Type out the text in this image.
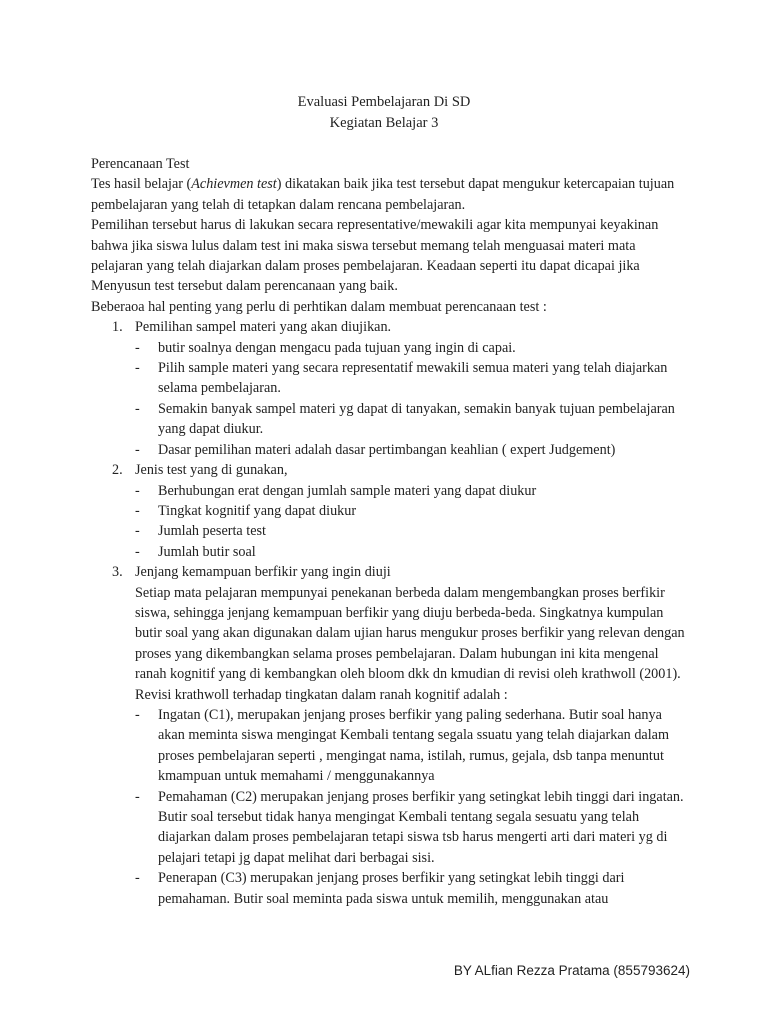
Evaluasi Pembelajaran Di SD
Kegiatan Belajar 3

Perencanaan Test

Tes hasil belajar (Achievmen test) dikatakan baik jika test tersebut dapat mengukur ketercapaian tujuan pembelajaran yang telah di tetapkan dalam rencana pembelajaran.

Pemilihan tersebut harus di lakukan secara representative/mewakili agar kita mempunyai keyakinan bahwa jika siswa lulus dalam test ini maka siswa tersebut memang telah menguasai materi mata pelajaran yang telah diajarkan dalam proses pembelajaran. Keadaan seperti itu dapat dicapai jika Menyusun test tersebut dalam perencanaan yang baik.

Beberaoa hal penting yang perlu di perhtikan dalam membuat perencanaan test :

1. Pemilihan sampel materi yang akan diujikan.
- butir soalnya dengan mengacu pada tujuan yang ingin di capai.
- Pilih sample materi yang secara representatif mewakili semua materi yang telah diajarkan selama pembelajaran.
- Semakin banyak sampel materi yg dapat di tanyakan, semakin banyak tujuan pembelajaran yang dapat diukur.
- Dasar pemilihan materi adalah dasar pertimbangan keahlian ( expert Judgement)
2. Jenis test yang di gunakan,
- Berhubungan erat dengan jumlah sample materi yang dapat diukur
- Tingkat kognitif yang dapat diukur
- Jumlah peserta test
- Jumlah butir soal
3. Jenjang kemampuan berfikir yang ingin diuji
Setiap mata pelajaran mempunyai penekanan berbeda dalam mengembangkan proses berfikir siswa, sehingga jenjang kemampuan berfikir yang diuju berbeda-beda. Singkatnya kumpulan butir soal yang akan digunakan dalam ujian harus mengukur proses berfikir yang relevan dengan proses yang dikembangkan selama proses pembelajaran. Dalam hubungan ini kita mengenal ranah kognitif yang di kembangkan oleh bloom dkk dn kmudian di revisi oleh krathwoll (2001). Revisi krathwoll terhadap tingkatan dalam ranah kognitif adalah :
- Ingatan (C1), merupakan jenjang proses berfikir yang paling sederhana. Butir soal hanya akan meminta siswa mengingat Kembali tentang segala ssuatu yang telah diajarkan dalam proses pembelajaran seperti , mengingat nama, istilah, rumus, gejala, dsb tanpa menuntut kmampuan untuk memahami / menggunakannya
- Pemahaman (C2) merupakan jenjang proses berfikir yang setingkat lebih tinggi dari ingatan. Butir soal tersebut tidak hanya mengingat Kembali tentang segala sesuatu yang telah diajarkan dalam proses pembelajaran tetapi siswa tsb harus mengerti arti dari materi yg di pelajari tetapi jg dapat melihat dari berbagai sisi.
- Penerapan (C3) merupakan jenjang proses berfikir yang setingkat lebih tinggi dari pemahaman. Butir soal meminta pada siswa untuk memilih, menggunakan atau
BY ALfian Rezza Pratama (855793624)
